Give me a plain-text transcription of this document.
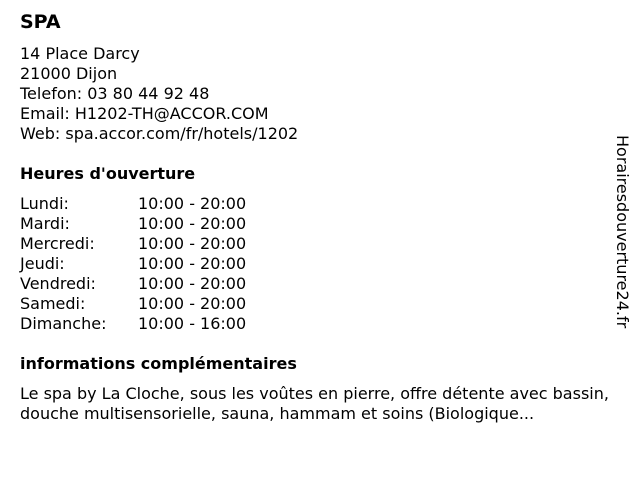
SPA
14 Place Darcy
21000 Dijon
Telefon: 03 80 44 92 48
Email: H1202-TH@ACCOR.COM
Web: spa.accor.com/fr/hotels/1202
Heures d'ouverture
Lundi:	10:00 - 20:00
Mardi:	10:00 - 20:00
Mercredi:	10:00 - 20:00
Jeudi:	10:00 - 20:00
Vendredi:	10:00 - 20:00
Samedi:	10:00 - 20:00
Dimanche:	10:00 - 16:00
informations complémentaires
Le spa by La Cloche, sous les voûtes en pierre, offre détente avec bassin, douche multisensorielle, sauna, hammam et soins (Biologique...
Horairesdouverture24.fr
